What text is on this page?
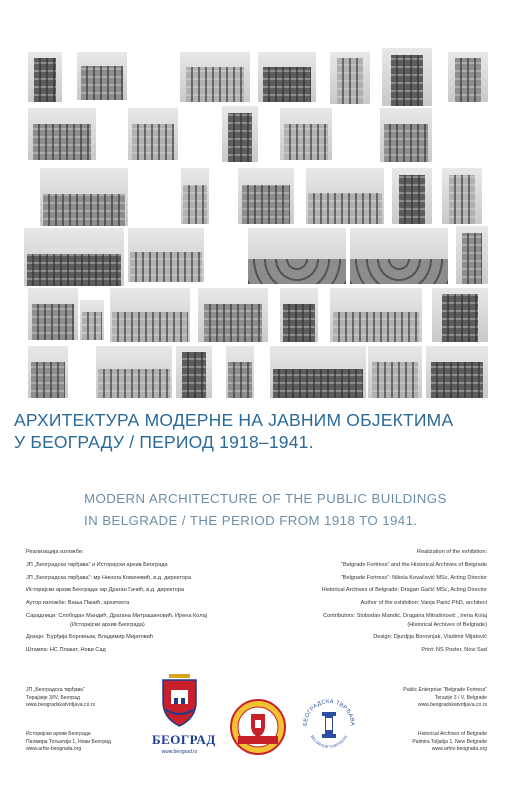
АРХИТЕКТУРА МОДЕРНЕ НА ЈАВНИМ ОБЈЕКТИМА
У БЕОГРАДУ / ПЕРИОД 1918–1941.
MODERN ARCHITECTURE OF THE PUBLIC BUILDINGS
IN BELGRADE / THE PERIOD FROM 1918 TO 1941.
Реализација изложбе:
ЈП „Београдска тврђава“ и Историјски архив Београда
ЈП „Београдска тврђава“: мр Никола Ковачевић, в.д. директора
Историјски архив Београда: мр Драган Гачић, в.д. директора
Аутор изложбе: Вања Панић, архитекта
Сарадници: Слободан Мандић, Драгана Митрашиновић, Ирена Колај
(Историјски архив Београда)
Дизајн: Ђурђија Боровњак, Владимир Мијатовић
Штампа: НС Плакат, Нови Сад
Realization of the exhibition:
“Belgrade Fortress” and the Historical Archives of Belgrade
“Belgrade Fortress”: Nikola Kovačević MSc, Acting Director
Historical Archives of Belgrade: Dragan Gačić MSc, Acting Director
Author of the exhibition: Vanja Panić PhD, architect
Contributors: Slobodan Mandić, Dragana Mitrašinović , Irena Kolaj
(Historical Archives of Belgrade)
Design: Djurdjija Borovnjak, Vladimir Mijatović
Print: NS Poster, Novi Sad
ЈП „Београдска тврђава“
Терајзије 3/IV, Београд
www.beogradskatvrdjava.co.rs
Историјски архив Београда
Палмира Тољатија 1, Нови Београд
www.arhiv-beograda.org
Public Enterprise “Belgrade Fortress”
Terazije 3 / V, Belgrade
www.beogradskatvrdjava.co.rs
Historical Archives of Belgrade
Palmira Toljatija 1, New Belgrade
www.arhiv-beograda.org
БЕОГРАД
www.beograd.rs
БЕОГРАДСКА ТВРЂАВА
BELGRADE FORTRESS
